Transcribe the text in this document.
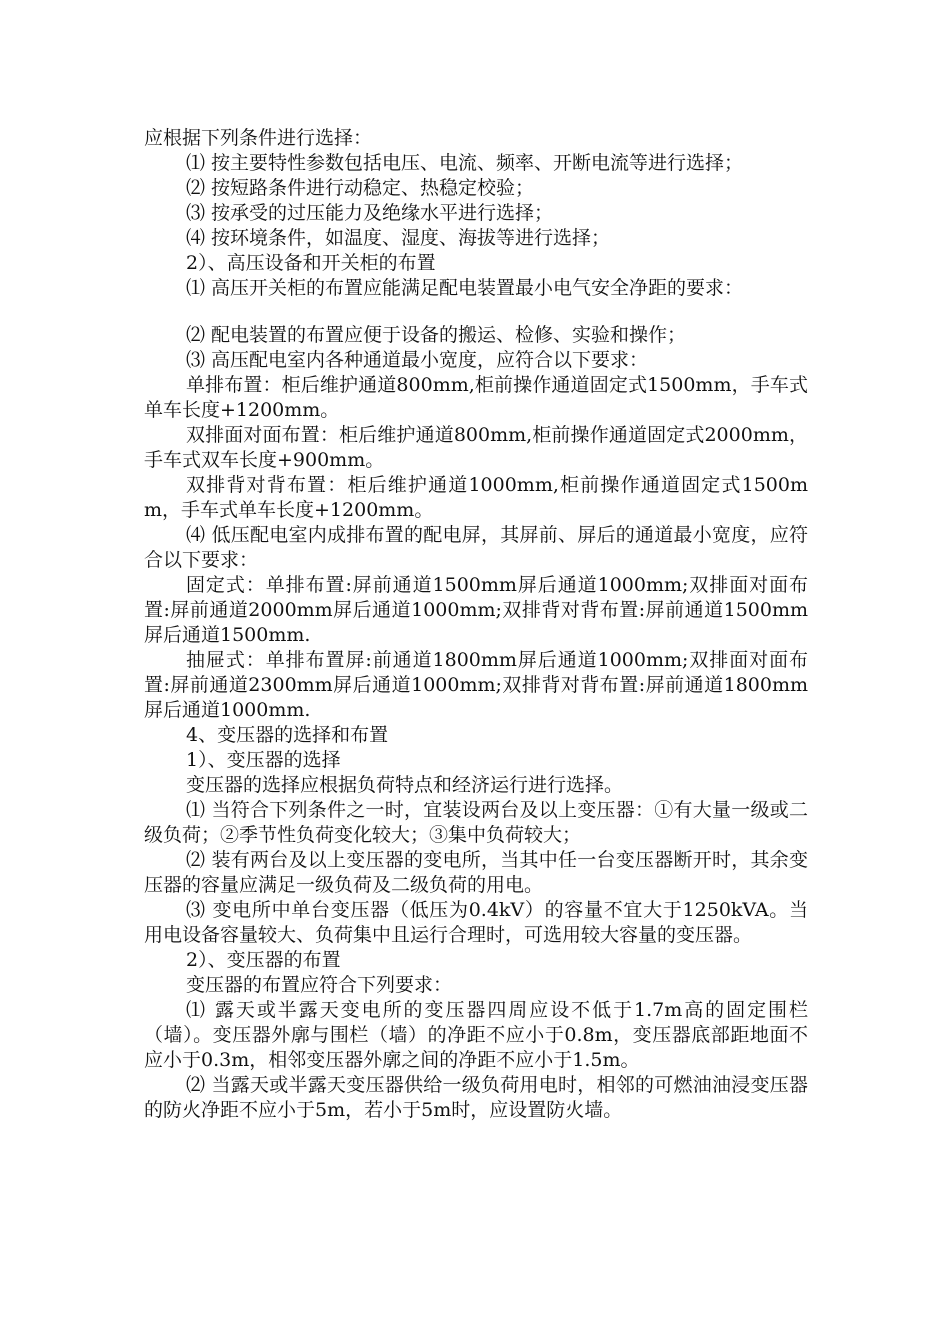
应根据下列条件进行选择：

⑴ 按主要特性参数包括电压、电流、频率、开断电流等进行选择；

⑵ 按短路条件进行动稳定、热稳定校验；

⑶ 按承受的过压能力及绝缘水平进行选择；

⑷ 按环境条件，如温度、湿度、海拔等进行选择；

2）、高压设备和开关柜的布置

⑴ 高压开关柜的布置应能满足配电装置最小电气安全净距的要求：

⑵ 配电装置的布置应便于设备的搬运、检修、实验和操作；

⑶ 高压配电室内各种通道最小宽度，应符合以下要求：

单排布置：柜后维护通道800mm,柜前操作通道固定式1500mm，手车式单车长度+1200mm。

双排面对面布置：柜后维护通道800mm,柜前操作通道固定式2000mm，手车式双车长度+900mm。

双排背对背布置：柜后维护通道1000mm,柜前操作通道固定式1500mm，手车式单车长度+1200mm。

⑷ 低压配电室内成排布置的配电屏，其屏前、屏后的通道最小宽度，应符合以下要求：

固定式：单排布置:屏前通道1500mm屏后通道1000mm;双排面对面布置:屏前通道2000mm屏后通道1000mm;双排背对背布置:屏前通道1500mm屏后通道1500mm.

抽屉式：单排布置屏:前通道1800mm屏后通道1000mm;双排面对面布置:屏前通道2300mm屏后通道1000mm;双排背对背布置:屏前通道1800mm屏后通道1000mm.

4、变压器的选择和布置

1）、变压器的选择

变压器的选择应根据负荷特点和经济运行进行选择。

⑴ 当符合下列条件之一时，宜装设两台及以上变压器：①有大量一级或二级负荷；②季节性负荷变化较大；③集中负荷较大；

⑵ 装有两台及以上变压器的变电所，当其中任一台变压器断开时，其余变压器的容量应满足一级负荷及二级负荷的用电。

⑶ 变电所中单台变压器（低压为0.4kV）的容量不宜大于1250kVA。当用电设备容量较大、负荷集中且运行合理时，可选用较大容量的变压器。

2）、变压器的布置

变压器的布置应符合下列要求：

⑴ 露天或半露天变电所的变压器四周应设不低于1.7m高的固定围栏（墙）。变压器外廓与围栏（墙）的净距不应小于0.8m，变压器底部距地面不应小于0.3m，相邻变压器外廓之间的净距不应小于1.5m。

⑵ 当露天或半露天变压器供给一级负荷用电时，相邻的可燃油油浸变压器的防火净距不应小于5m，若小于5m时，应设置防火墙。
